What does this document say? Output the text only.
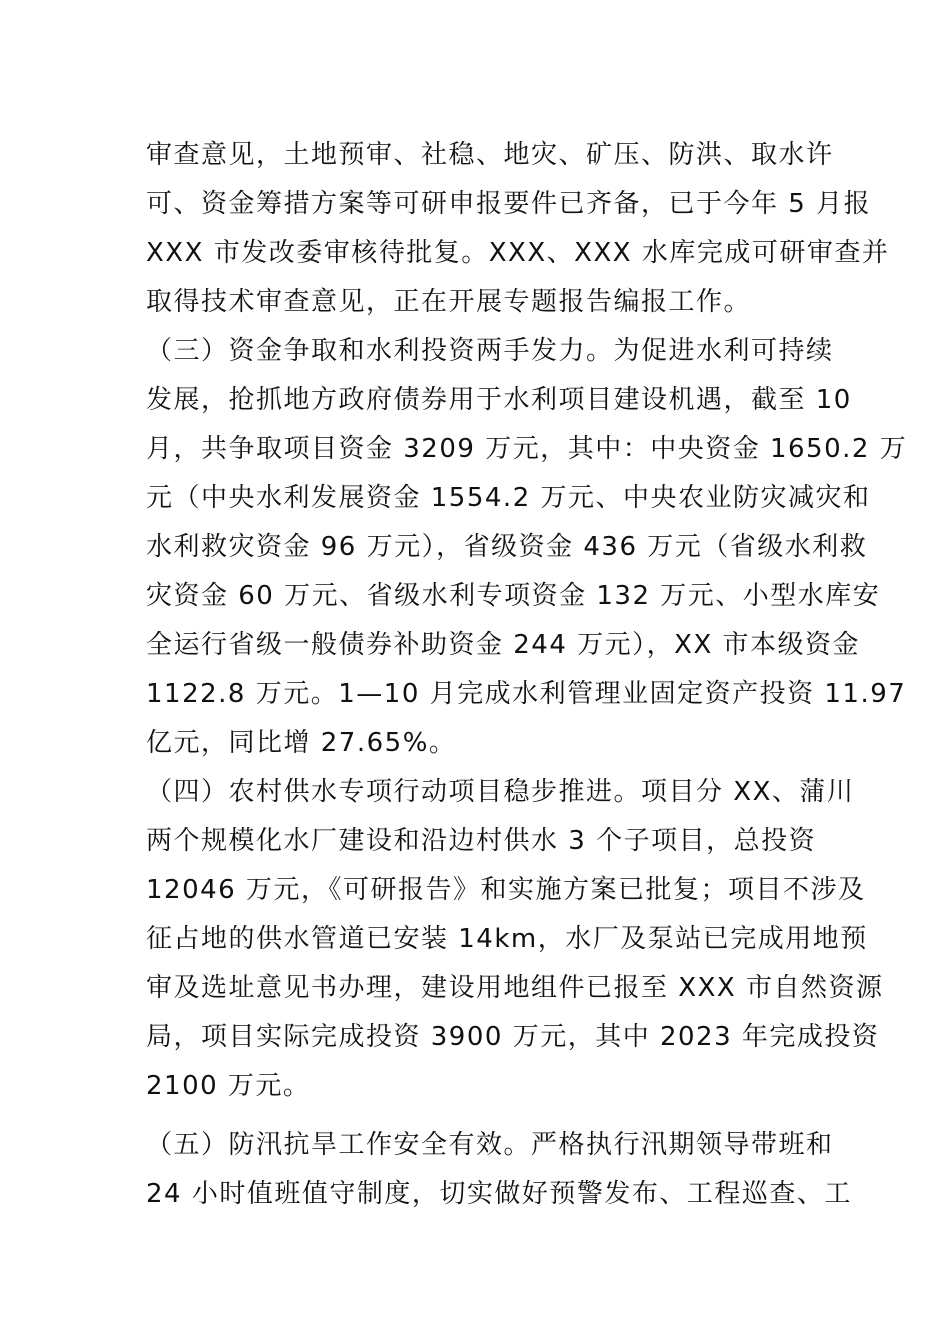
审查意见，土地预审、社稳、地灾、矿压、防洪、取水许
可、资金筹措方案等可研申报要件已齐备，已于今年 5 月报
XXX 市发改委审核待批复。XXX、XXX 水库完成可研审查并
取得技术审查意见，正在开展专题报告编报工作。
（三）资金争取和水利投资两手发力。为促进水利可持续
发展，抢抓地方政府债券用于水利项目建设机遇，截至 10
月，共争取项目资金 3209 万元，其中：中央资金 1650.2 万
元（中央水利发展资金 1554.2 万元、中央农业防灾减灾和
水利救灾资金 96 万元），省级资金 436 万元（省级水利救
灾资金 60 万元、省级水利专项资金 132 万元、小型水库安
全运行省级一般债券补助资金 244 万元），XX 市本级资金
1122.8 万元。1—10 月完成水利管理业固定资产投资 11.97
亿元，同比增 27.65%。
（四）农村供水专项行动项目稳步推进。项目分 XX、蒲川
两个规模化水厂建设和沿边村供水 3 个子项目，总投资
12046 万元，《可研报告》和实施方案已批复；项目不涉及
征占地的供水管道已安装 14km，水厂及泵站已完成用地预
审及选址意见书办理，建设用地组件已报至 XXX 市自然资源
局，项目实际完成投资 3900 万元，其中 2023 年完成投资
2100 万元。
（五）防汛抗旱工作安全有效。严格执行汛期领导带班和
24 小时值班值守制度，切实做好预警发布、工程巡查、工
